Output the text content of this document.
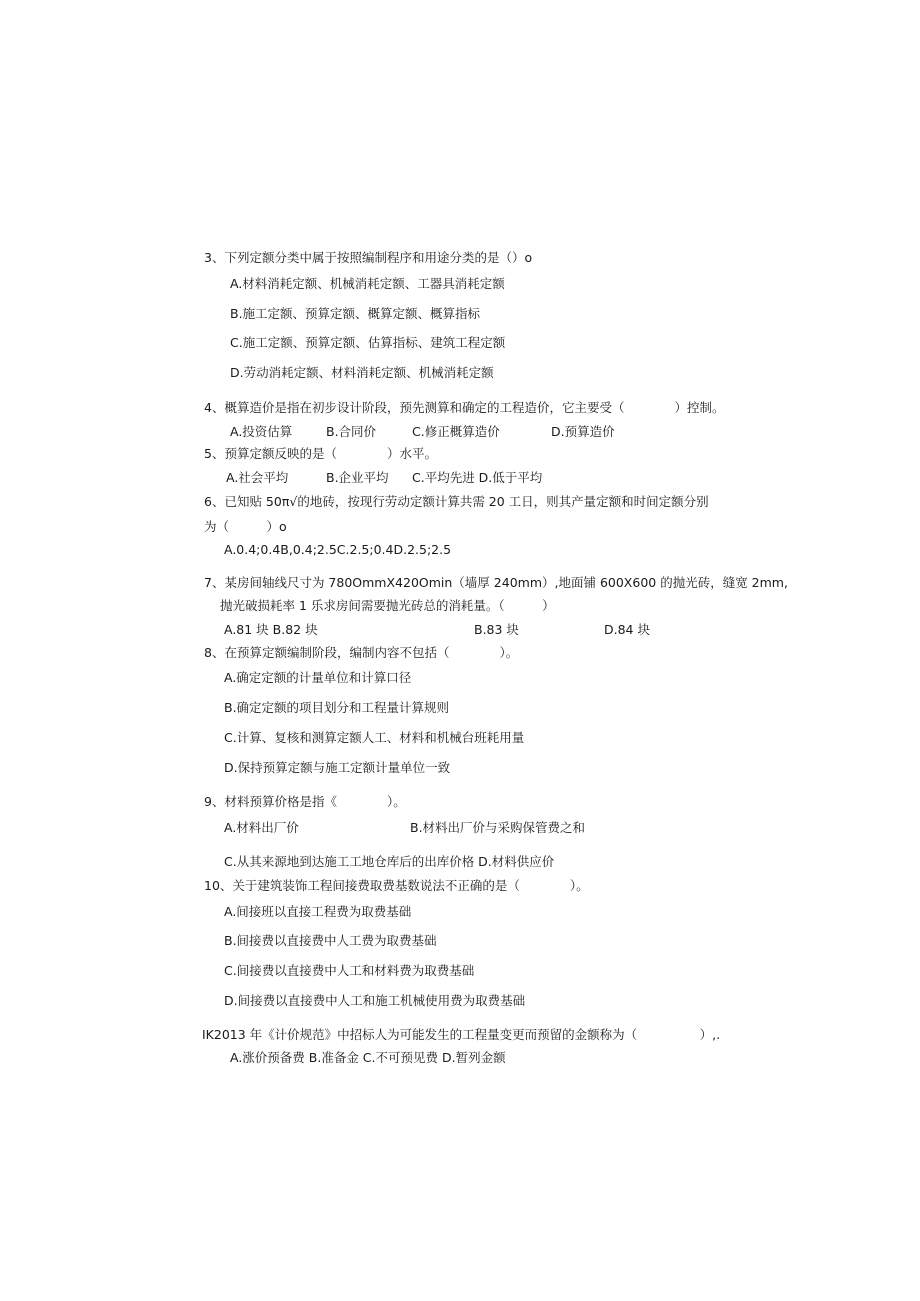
3、下列定额分类中属于按照编制程序和用途分类的是（）o
A.材料消耗定额、机械消耗定额、工器具消耗定额
B.施工定额、预算定额、概算定额、概算指标
C.施工定额、预算定额、估算指标、建筑工程定额
D.劳动消耗定额、材料消耗定额、机械消耗定额
4、概算造价是指在初步设计阶段，预先测算和确定的工程造价，它主要受（　　　　）控制。
A.投资估算	B.合同价	C.修正概算造价	D.预算造价
5、预算定额反映的是（　　　　）水平。
A.社会平均	B.企业平均 C.平均先进 D.低于平均
6、已知贴 50π√的地砖，按现行劳动定额计算共需 20 工日，则其产量定额和时间定额分别
为（　　　）o
A.0.4;0.4B,0.4;2.5C.2.5;0.4D.2.5;2.5
7、某房间轴线尺寸为 780OmmX420Omin（墙厚 240mm）,地面铺 600X600 的抛光砖，缝宽 2mm,
抛光破损耗率 1 乐求房间需要抛光砖总的消耗量。（　　　）
A.81 块 B.82 块	B.83 块	D.84 块
8、在预算定额编制阶段，编制内容不包括（　　　　）。
A.确定定额的计量单位和计算口径
B.确定定额的项目划分和工程量计算规则
C.计算、复核和测算定额人工、材料和机械台班耗用量
D.保持预算定额与施工定额计量单位一致
9、材料预算价格是指《　　　　）。
A.材料出厂价	B.材料出厂价与采购保管费之和
C.从其来源地到达施工工地仓库后的出库价格 D.材料供应价
10、关于建筑装饰工程间接费取费基数说法不正确的是（　　　　）。
A.间接班以直接工程费为取费基础
B.间接费以直接费中人工费为取费基础
C.间接费以直接费中人工和材料费为取费基础
D.间接费以直接费中人工和施工机械使用费为取费基础
IK2013 年《计价规范》中招标人为可能发生的工程量变更而预留的金额称为（　　　　　）,.
A.涨价预备费 B.准备金 C.不可预见费 D.暂列金额
